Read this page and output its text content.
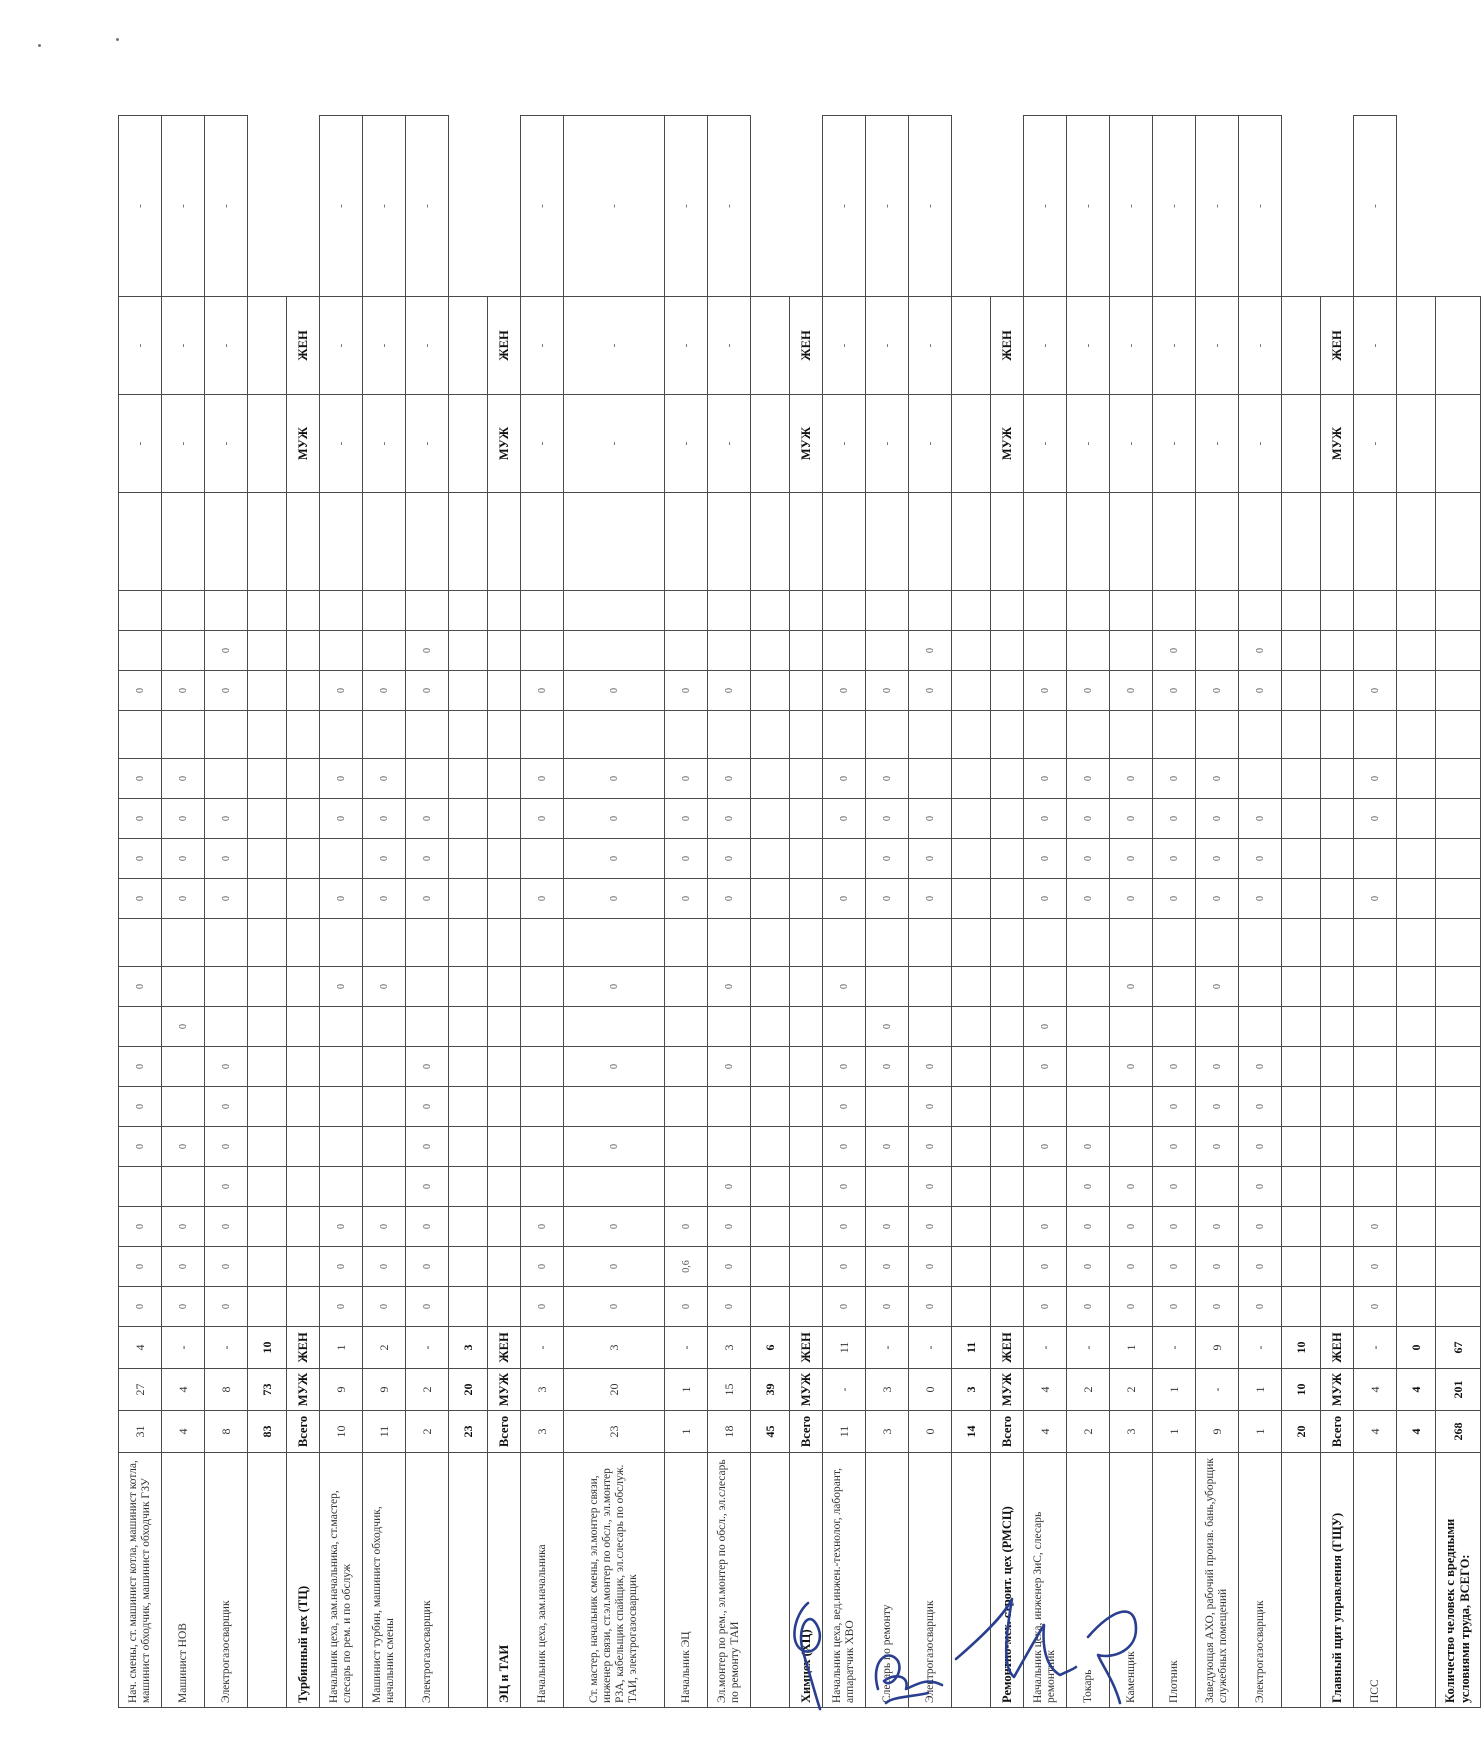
Нач. смены, ст. машинист котла, машинист котла, машинист обходчик, машинист обходчик ГЗУ	31	27	4	0	0	0		0	0	0		0		0	0	0	0		0				-	-	-
Машинист НОВ	4	4	-	0	0	0		0			0			0	0	0	0		0				-	-	-
Электрогазосварщик	8	8	-	0	0	0	0	0	0	0				0	0	0			0	0			-	-	-
	83	73	10																						
Турбинный цех (ТЦ)	Всего	МУЖ	ЖЕН																				МУЖ	ЖЕН	
Начальник цеха, зам.начальника, ст.мастер, слесарь по рем. и по обслуж	10	9	1	0	0	0						0		0		0	0		0				-	-	-
Машинист турбин, машинист обходчик, начальник смены	11	9	2	0	0	0						0		0	0	0	0		0				-	-	-
Электрогазосварщик	2	2	-	0	0	0	0	0	0	0				0	0	0			0	0			-	-	-
	23	20	3																						
ЭЦ и ТАИ	Всего	МУЖ	ЖЕН																				МУЖ	ЖЕН	
Начальник цеха, зам.начальника	3	3	-	0	0	0								0		0	0		0				-	-	-
Ст. мастер, начальник смены, эл.монтер связи, инженер связи, ст.эл.монтер по обсл., эл.монтер РЗА, кабельщик спайщик, эл.слесарь по обслуж. ТАИ, электрогазосварщик	23	20	3	0	0	0		0		0		0		0	0	0	0		0				-	-	-
Начальник ЭЦ	1	1	-	0	0,6	0								0	0	0	0		0				-	-	-
Эл.монтер по рем., эл.монтер по обсл., эл.слесарь по ремонту ТАИ	18	15	3	0	0	0	0			0		0		0	0	0	0		0				-	-	-
	45	39	6																						
Химцех (ХЦ)	Всего	МУЖ	ЖЕН																				МУЖ	ЖЕН	
Начальник цеха, вед.инжен.-технолог, лаборант, аппаратчик ХВО	11	-	11	0	0	0	0	0	0	0		0		0		0	0		0				-	-	-
Слесарь по ремонту	3	3	-	0	0	0		0		0	0			0	0	0	0		0				-	-	-
Электрогазосварщик	0	0	-	0	0	0	0	0	0	0				0	0	0			0	0			-	-	-
	14	3	11																						
Ремонтно-мех. строит. цех (РМСЦ)	Всего	МУЖ	ЖЕН																				МУЖ	ЖЕН	
Начальник цеха, инженер ЗиС, слесарь ремонтник	4	4	-	0	0	0		0		0	0			0	0	0	0		0				-	-	-
Токарь	2	2	-	0	0	0	0	0						0	0	0	0		0				-	-	-
Каменщик	3	2	1	0	0	0	0			0		0		0	0	0	0		0				-	-	-
Плотник	1	1	-	0	0	0	0	0	0	0				0	0	0	0		0	0			-	-	-
Заведующая АХО, рабочий произв. бань,уборщик служебных помещений	9	-	9	0	0	0		0	0	0		0		0	0	0	0		0				-	-	-
Электрогазосварщик	1	1	-	0	0	0	0	0	0	0				0	0	0			0	0			-	-	-
	20	10	10																						
Главный щит управления (ГЩУ)	Всего	МУЖ	ЖЕН																				МУЖ	ЖЕН	
ПСС	4	4	-	0	0	0								0		0	0		0				-	-	-
	4	4	0																						
Количество человек с вредными условиями труда, ВСЕГО:	268	201	67																						
